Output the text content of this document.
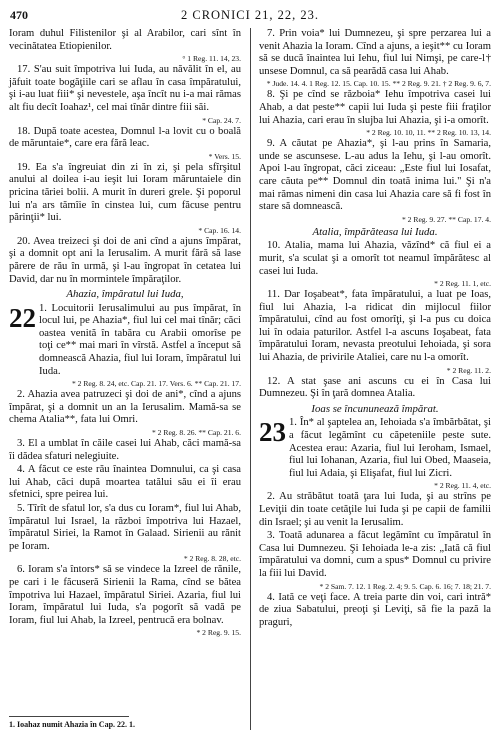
470	2 CRONICI 21, 22, 23.

Ioram duhul Filistenilor şi al Arabilor, cari sînt în vecinătatea Etiopienilor.

° 1 Reg. 11. 14, 23.

17. S'au suit împotriva lui Iuda, au năvălit în el, au jăfuit toate bogăţiile cari se aflau în casa împăratului, şi i-au luat fiii* şi nevestele, aşa încît nu i-a mai rămas alt fiu decît Ioahaz¹, cel mai tînăr dintre fiii săi.

* Cap. 24. 7.

18. După toate acestea, Domnul l-a lovit cu o boală de măruntaie*, care era fără leac.

* Vers. 15.

19. Ea s'a îngreuiat din zi în zi, şi pela sfîrşitul anului al doilea i-au ieşit lui Ioram măruntaiele din pricina tăriei bolii. A murit în dureri grele. Şi poporul lui n'a ars tămîie în cinstea lui, cum făcuse pentru părinţii* lui.

* Cap. 16. 14.

20. Avea treizeci şi doi de ani cînd a ajuns împărat, şi a domnit opt ani la Ierusalim. A murit fără să lase părere de rău în urmă, şi l-au îngropat în cetatea lui David, dar nu în mormintele împăraţilor.

Ahazia, împăratul lui Iuda,
22 1. Locuitorii Ierusalimului au pus împărat, în locul lui, pe Ahazia*, fiul lui cel mai tînăr; căci oastea venită în tabăra cu Arabii omorîse pe toţi ce** mai mari în vîrstă. Astfel a început să domnească Ahazia, fiul lui Ioram, împăratul lui Iuda.
* 2 Reg. 8. 24, etc. Cap. 21. 17. Vers. 6. ** Cap. 21. 17.

2. Ahazia avea patruzeci şi doi de ani*, cînd a ajuns împărat, şi a domnit un an la Ierusalim. Mamă-sa se chema Atalia**, fata lui Omri.

* 2 Reg. 8. 26. ** Cap. 21. 6.

3. El a umblat în căile casei lui Ahab, căci mamă-sa îi dădea sfaturi nelegiuite.

4. A făcut ce este rău înaintea Domnului, ca şi casa lui Ahab, căci după moartea tatălui său ei îi erau sfetnici, spre peirea lui.

5. Tîrît de sfatul lor, s'a dus cu Ioram*, fiul lui Ahab, împăratul lui Israel, la război împotriva lui Hazael, împăratul Siriei, la Ramot în Galaad. Sirienii au rănit pe Ioram.

* 2 Reg. 8. 28, etc.

6. Ioram s'a întors* să se vindece la Izreel de rănile, pe cari i le făcuseră Sirienii la Rama, cînd se bătea împotriva lui Hazael, împăratul Siriei. Azaria, fiul lui Ioram, împăratul lui Iuda, s'a pogorît să vadă pe Ioram, fiul lui Ahab, la Izreel, pentrucă era bolnav.

* 2 Reg. 9. 15.

7. Prin voia* lui Dumnezeu, şi spre perzarea lui a venit Ahazia la Ioram. Cînd a ajuns, a ieşit** cu Ioram să se ducă înaintea lui Iehu, fiul lui Nimşi, pe care-l† unsese Domnul, ca să pearădă casa lui Ahab.

* Jude. 14. 4. 1 Reg. 12. 15. Cap. 10. 15. ** 2 Reg. 9. 21. † 2 Reg. 9. 6, 7.

8. Şi pe cînd se războia* Iehu împotriva casei lui Ahab, a dat peste** capii lui Iuda şi peste fiii fraţilor lui Ahazia, cari erau în slujba lui Ahazia, şi i-a omorît.

* 2 Reg. 10. 10, 11. ** 2 Reg. 10. 13, 14.

9. A căutat pe Ahazia*, şi l-au prins în Samaria, unde se ascunsese. L-au adus la Iehu, şi l-au omorît. Apoi l-au îngropat, căci ziceau: „Este fiul lui Iosafat, care căuta pe** Domnul din toată inima lui." Şi n'a mai rămas nimeni din casa lui Ahazia care să fi fost în stare să domnească.

* 2 Reg. 9. 27. ** Cap. 17. 4.
Atalia, împărăteasa lui Iuda.

10. Atalia, mama lui Ahazia, văzînd* că fiul ei a murit, s'a sculat şi a omorît tot neamul împărătesc al casei lui Iuda.

* 2 Reg. 11. 1, etc.

11. Dar Ioşabeat*, fata împăratului, a luat pe Ioas, fiul lui Ahazia, l-a ridicat din mijlocul fiilor împăratului, cînd au fost omorîţi, şi l-a pus cu doica lui în odaia paturilor. Astfel l-a ascuns Ioşabeat, fata împăratului Ioram, nevasta preotului Iehoiada, şi sora lui Ahazia, de privirile Ataliei, care nu l-a omorît.

* 2 Reg. 11. 2.

12. A stat şase ani ascuns cu ei în Casa lui Dumnezeu. Şi în ţară domnea Atalia.

Ioas se încununează împărat.
23 1. În* al şaptelea an, Iehoiada s'a îmbărbătat, şi a făcut legămînt cu căpeteniile peste sute. Acestea erau: Azaria, fiul lui Ieroham, Ismael, fiul lui Iohanan, Azaria, fiul lui Obed, Maaseia, fiul lui Adaia, şi Elişafat, fiul lui Zicri.
* 2 Reg. 11. 4, etc.

2. Au străbătut toată ţara lui Iuda, şi au strîns pe Leviţii din toate cetăţile lui Iuda şi pe capii de familii din Israel; şi au venit la Ierusalim.

3. Toată adunarea a făcut legămînt cu împăratul în Casa lui Dumnezeu. Şi Iehoiada le-a zis: „Iată că fiul împăratului va domni, cum a spus* Domnul cu privire la fiii lui David.

* 2 Sam. 7. 12. 1 Reg. 2. 4; 9. 5. Cap. 6. 16; 7. 18; 21. 7.

4. Iată ce veţi face. A treia parte din voi, cari intră* de ziua Sabatului, preoţi şi Leviţi, să fie la pază la praguri,

1. Ioahaz numit Ahazia în Cap. 22. 1.
